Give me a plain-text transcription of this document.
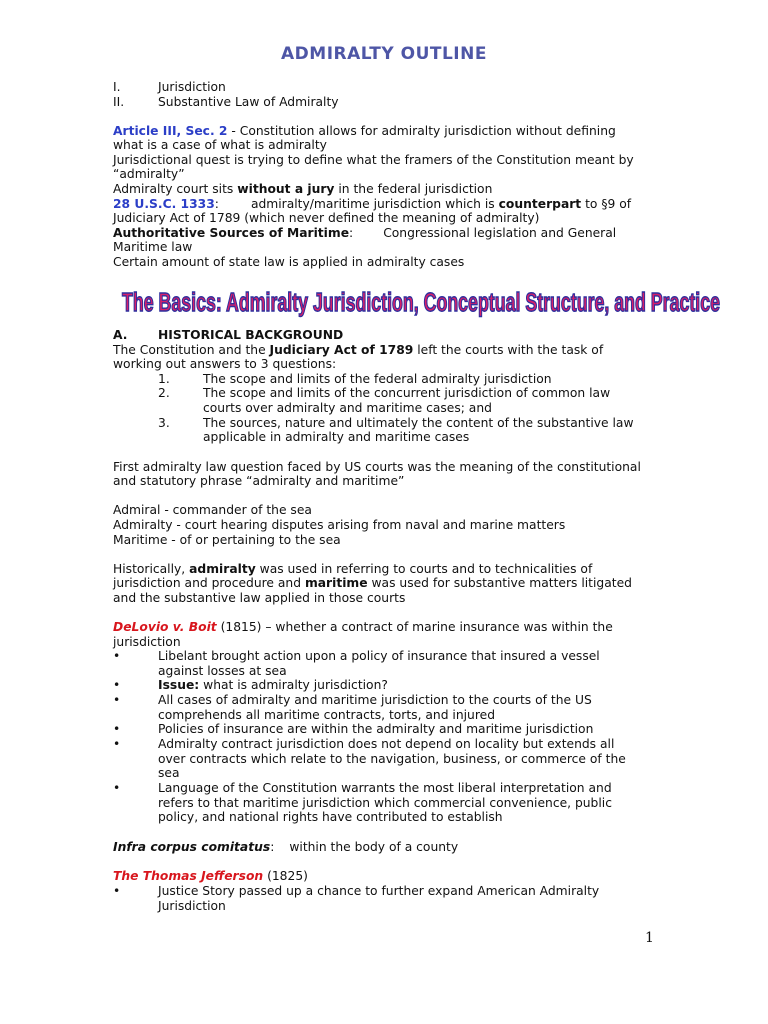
ADMIRALTY OUTLINE
I.	Jurisdiction
II.	Substantive Law of Admiralty
Article III, Sec. 2 - Constitution allows for admiralty jurisdiction without defining
what is a case of what is admiralty
Jurisdictional quest is trying to define what the framers of the Constitution meant by
“admiralty”
Admiralty court sits without a jury in the federal jurisdiction
28 U.S.C. 1333:	admiralty/maritime jurisdiction which is counterpart to §9 of
Judiciary Act of 1789 (which never defined the meaning of admiralty)
Authoritative Sources of Maritime: Congressional legislation and General
Maritime law
Certain amount of state law is applied in admiralty cases
A. HISTORICAL BACKGROUND
The Constitution and the Judiciary Act of 1789 left the courts with the task of
working out answers to 3 questions:
1.	The scope and limits of the federal admiralty jurisdiction
2.	The scope and limits of the concurrent jurisdiction of common law
courts over admiralty and maritime cases; and
3.	The sources, nature and ultimately the content of the substantive law
applicable in admiralty and maritime cases
First admiralty law question faced by US courts was the meaning of the constitutional
and statutory phrase “admiralty and maritime”
Admiral - commander of the sea
Admiralty - court hearing disputes arising from naval and marine matters
Maritime - of or pertaining to the sea
Historically, admiralty was used in referring to courts and to technicalities of
jurisdiction and procedure and maritime was used for substantive matters litigated
and the substantive law applied in those courts
DeLovio v. Boit (1815) – whether a contract of marine insurance was within the
jurisdiction
•	Libelant brought action upon a policy of insurance that insured a vessel
against losses at sea
•	Issue: what is admiralty jurisdiction?
•	All cases of admiralty and maritime jurisdiction to the courts of the US
comprehends all maritime contracts, torts, and injured
•	Policies of insurance are within the admiralty and maritime jurisdiction
•	Admiralty contract jurisdiction does not depend on locality but extends all
over contracts which relate to the navigation, business, or commerce of the
sea
•	Language of the Constitution warrants the most liberal interpretation and
refers to that maritime jurisdiction which commercial convenience, public
policy, and national rights have contributed to establish
Infra corpus comitatus: within the body of a county
The Thomas Jefferson (1825)
•	Justice Story passed up a chance to further expand American Admiralty
Jurisdiction
The Basics: Admiralty Jurisdiction, Conceptual Structure, and Practice
1
